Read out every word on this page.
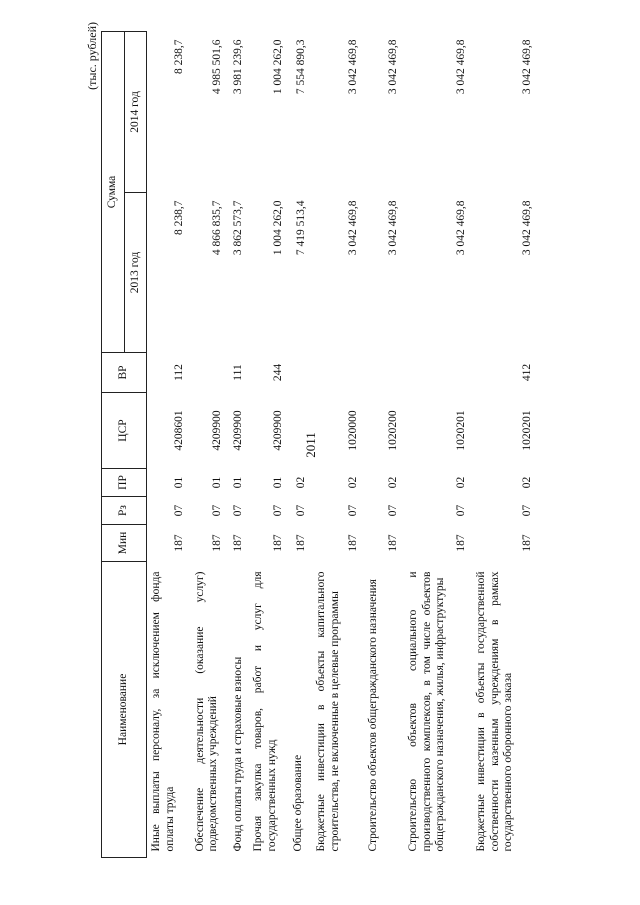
2011
(тыс. рублей)
Наименование	Мин	Рз	ПР	ЦСР	ВР	Сумма	
						2013 год	2014 год
Иные выплаты персоналу, за исключением фонда оплаты труда	187	07	01	4208601	112	8 238,7	8 238,7
Обеспечение деятельности (оказание услуг) подведомственных учреждений	187	07	01	4209900		4 866 835,7	4 985 501,6
Фонд оплаты труда и страховые взносы	187	07	01	4209900	111	3 862 573,7	3 981 239,6
Прочая закупка товаров, работ и услуг для государственных нужд	187	07	01	4209900	244	1 004 262,0	1 004 262,0
Общее образование	187	07	02			7 419 513,4	7 554 890,3
Бюджетные инвестиции в объекты капитального строительства, не включенные в целевые программы	187	07	02	1020000		3 042 469,8	3 042 469,8
Строительство объектов общегражданского назначения	187	07	02	1020200		3 042 469,8	3 042 469,8
Строительство объектов социального и производственного комплексов, в том числе объектов общегражданского назначения, жилья, инфраструктуры	187	07	02	1020201		3 042 469,8	3 042 469,8
Бюджетные инвестиции в объекты государственной собственности казенным учреждениям в рамках государственного оборонного заказа	187	07	02	1020201	412	3 042 469,8	3 042 469,8
